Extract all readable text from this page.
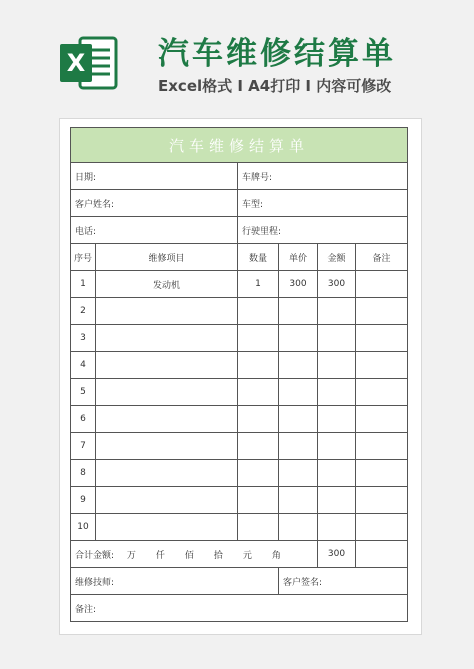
X 汽车维修结算单
Excel格式 I A4打印 I 内容可修改
汽车维修结算单					
日期:		车牌号:			
客户姓名:		车型:			
电话:		行驶里程:			
序号	维修项目	数量	单价	金额	备注
1	发动机	1	300	300	
2					
3					
4					
5					
6					
7					
8					
9					
10					
合计金额: 万 仟 佰 拾 元 角				300	
维修技师:			客户签名:		
备注:					
